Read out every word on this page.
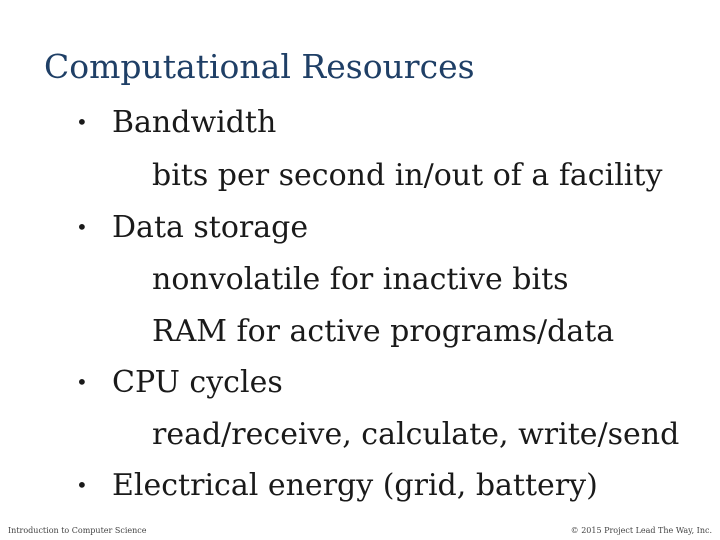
Computational Resources
• Bandwidth
bits per second in/out of a facility
• Data storage
nonvolatile for inactive bits
RAM for active programs/data
• CPU cycles
read/receive, calculate, write/send
• Electrical energy (grid, battery)
Introduction to Computer Science	© 2015 Project Lead The Way, Inc.
